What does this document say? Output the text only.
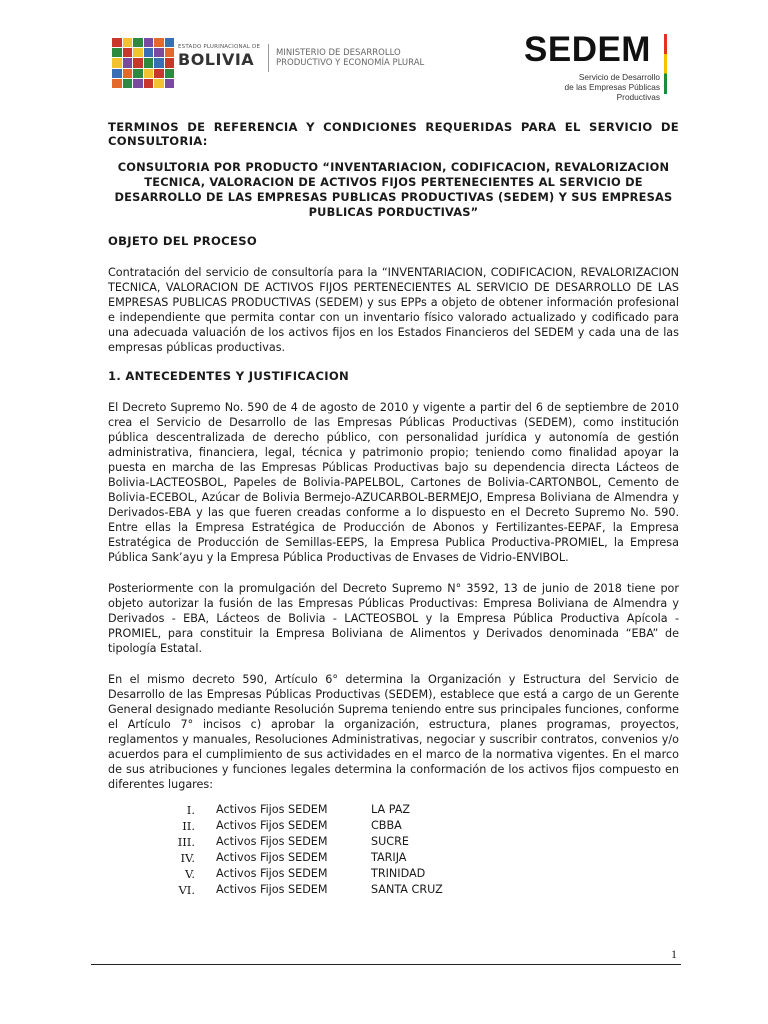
ESTADO PLURINACIONAL DE
BOLIVIA	MINISTERIO DE DESARROLLO
PRODUCTIVO Y ECONOMÍA PLURAL	SEDEM
Servicio de Desarrollo
de las Empresas Públicas
Productivas
TERMINOS DE REFERENCIA Y CONDICIONES REQUERIDAS PARA EL SERVICIO DE CONSULTORIA:
CONSULTORIA POR PRODUCTO “INVENTARIACION, CODIFICACION, REVALORIZACION TECNICA, VALORACION DE ACTIVOS FIJOS PERTENECIENTES AL SERVICIO DE DESARROLLO DE LAS EMPRESAS PUBLICAS PRODUCTIVAS (SEDEM) Y SUS EMPRESAS PUBLICAS PORDUCTIVAS”
OBJETO DEL PROCESO

Contratación del servicio de consultoría para la “INVENTARIACION, CODIFICACION, REVALORIZACION TECNICA, VALORACION DE ACTIVOS FIJOS PERTENECIENTES AL SERVICIO DE DESARROLLO DE LAS EMPRESAS PUBLICAS PRODUCTIVAS (SEDEM) y sus EPPs a objeto de obtener información profesional e independiente que permita contar con un inventario físico valorado actualizado y codificado para una adecuada valuación de los activos fijos en los Estados Financieros del SEDEM y cada una de las empresas públicas productivas.

1. ANTECEDENTES Y JUSTIFICACION

El Decreto Supremo No. 590 de 4 de agosto de 2010 y vigente a partir del 6 de septiembre de 2010 crea el Servicio de Desarrollo de las Empresas Públicas Productivas (SEDEM), como institución pública descentralizada de derecho público, con personalidad jurídica y autonomía de gestión administrativa, financiera, legal, técnica y patrimonio propio; teniendo como finalidad apoyar la puesta en marcha de las Empresas Públicas Productivas bajo su dependencia directa Lácteos de Bolivia-LACTEOSBOL, Papeles de Bolivia-PAPELBOL, Cartones de Bolivia-CARTONBOL, Cemento de Bolivia-ECEBOL, Azúcar de Bolivia Bermejo-AZUCARBOL-BERMEJO, Empresa Boliviana de Almendra y Derivados-EBA y las que fueren creadas conforme a lo dispuesto en el Decreto Supremo No. 590. Entre ellas la Empresa Estratégica de Producción de Abonos y Fertilizantes-EEPAF, la Empresa Estratégica de Producción de Semillas-EEPS, la Empresa Publica Productiva-PROMIEL, la Empresa Pública Sank’ayu y la Empresa Pública Productivas de Envases de Vidrio-ENVIBOL.

Posteriormente con la promulgación del Decreto Supremo N° 3592, 13 de junio de 2018 tiene por objeto autorizar la fusión de las Empresas Públicas Productivas: Empresa Boliviana de Almendra y Derivados - EBA, Lácteos de Bolivia - LACTEOSBOL y la Empresa Pública Productiva Apícola - PROMIEL, para constituir la Empresa Boliviana de Alimentos y Derivados denominada “EBA” de tipología Estatal.

En el mismo decreto 590, Artículo 6° determina la Organización y Estructura del Servicio de Desarrollo de las Empresas Públicas Productivas (SEDEM), establece que está a cargo de un Gerente General designado mediante Resolución Suprema teniendo entre sus principales funciones, conforme el Artículo 7° incisos c) aprobar la organización, estructura, planes programas, proyectos, reglamentos y manuales, Resoluciones Administrativas, negociar y suscribir contratos, convenios y/o acuerdos para el cumplimiento de sus actividades en el marco de la normativa vigentes. En el marco de sus atribuciones y funciones legales determina la conformación de los activos fijos compuesto en diferentes lugares:

I.	Activos Fijos SEDEM	LA PAZ
II.	Activos Fijos SEDEM	CBBA
III.	Activos Fijos SEDEM	SUCRE
IV.	Activos Fijos SEDEM	TARIJA
V.	Activos Fijos SEDEM	TRINIDAD
VI.	Activos Fijos SEDEM	SANTA CRUZ
1
